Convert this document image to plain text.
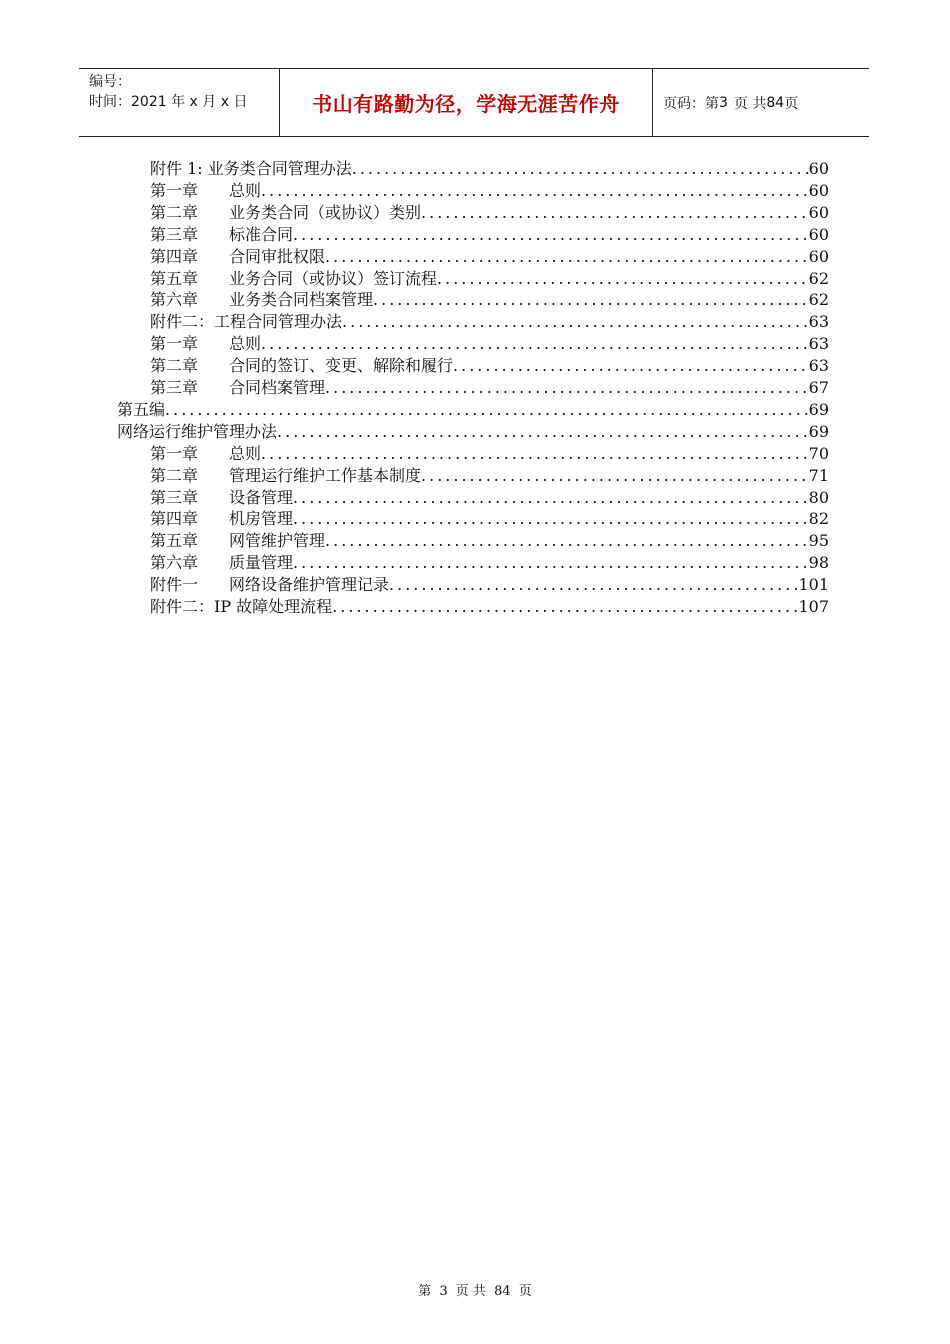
编号：
时间：2021 年 x 月 x 日	书山有路勤为径，学海无涯苦作舟	页码：第 3 页 共 84 页
附件 1: 业务类合同管理办法 .....	60
第一章 总则 .....	60
第二章 业务类合同（或协议）类别 .....	60
第三章 标准合同 .....	60
第四章 合同审批权限 .....	60
第五章 业务合同（或协议）签订流程 .....	62
第六章 业务类合同档案管理 .....	62
附件二：工程合同管理办法 .....	63
第一章 总则 .....	63
第二章 合同的签订、变更、解除和履行 .....	63
第三章 合同档案管理 .....	67
第五编 .....	69
网络运行维护管理办法 .....	69
第一章 总则 .....	70
第二章 管理运行维护工作基本制度 .....	71
第三章 设备管理 .....	80
第四章 机房管理 .....	82
第五章 网管维护管理 .....	95
第六章 质量管理 .....	98
附件一 网络设备维护管理记录 .....	101
附件二：IP 故障处理流程 .....	107
第 3 页 共 84 页
